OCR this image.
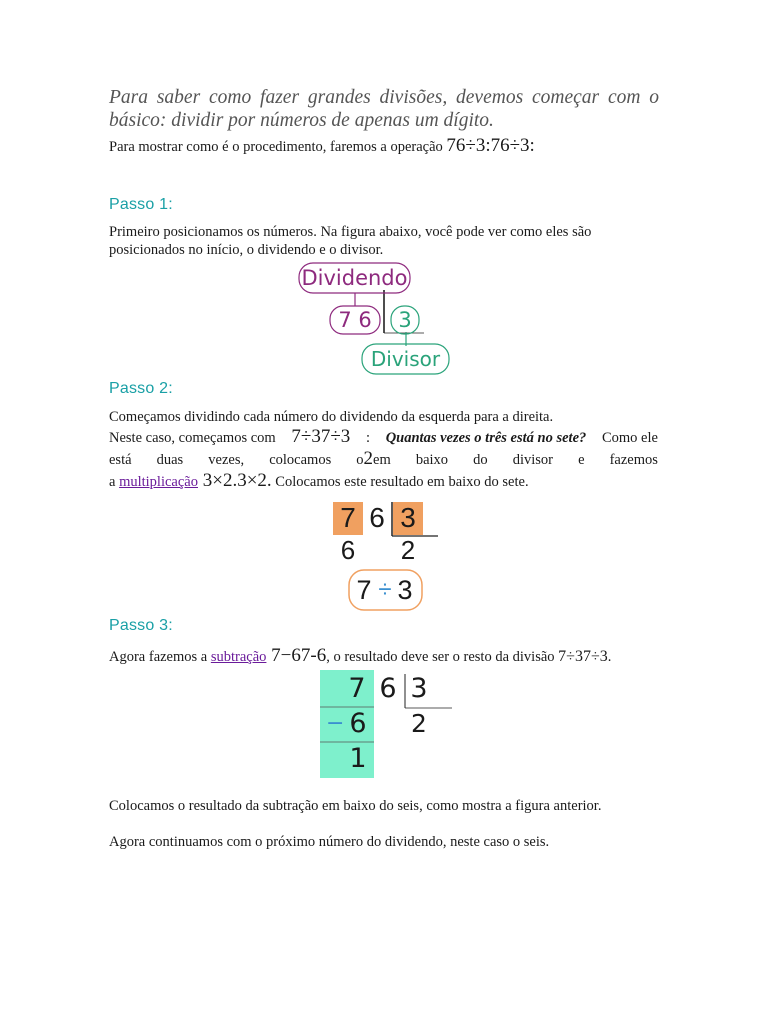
Para saber como fazer grandes divisões, devemos começar com o
básico: dividir por números de apenas um dígito.
Para mostrar como é o procedimento, faremos a operação 76÷3:76÷3:
Passo 1:
Primeiro posicionamos os números. Na figura abaixo, você pode ver como eles são
posicionados no início, o dividendo e o divisor.
Dividendo
7 6	3
Divisor
Passo 2:
Começamos dividindo cada número do dividendo da esquerda para a direita.
Neste caso, começamos com 7÷37÷3 : Quantas vezes o três está no sete? Como ele
está duas vezes, colocamos o2em baixo do divisor e fazemos
a multiplicação 3×2.3×2. Colocamos este resultado em baixo do sete.
7 6 3
6 2
7 ÷ 3
Passo 3:
Agora fazemos a subtração 7−67-6, o resultado deve ser o resto da divisão 7÷37÷3.
7 6 3
− 6 2
1
Colocamos o resultado da subtração em baixo do seis, como mostra a figura anterior.
Agora continuamos com o próximo número do dividendo, neste caso o seis.
